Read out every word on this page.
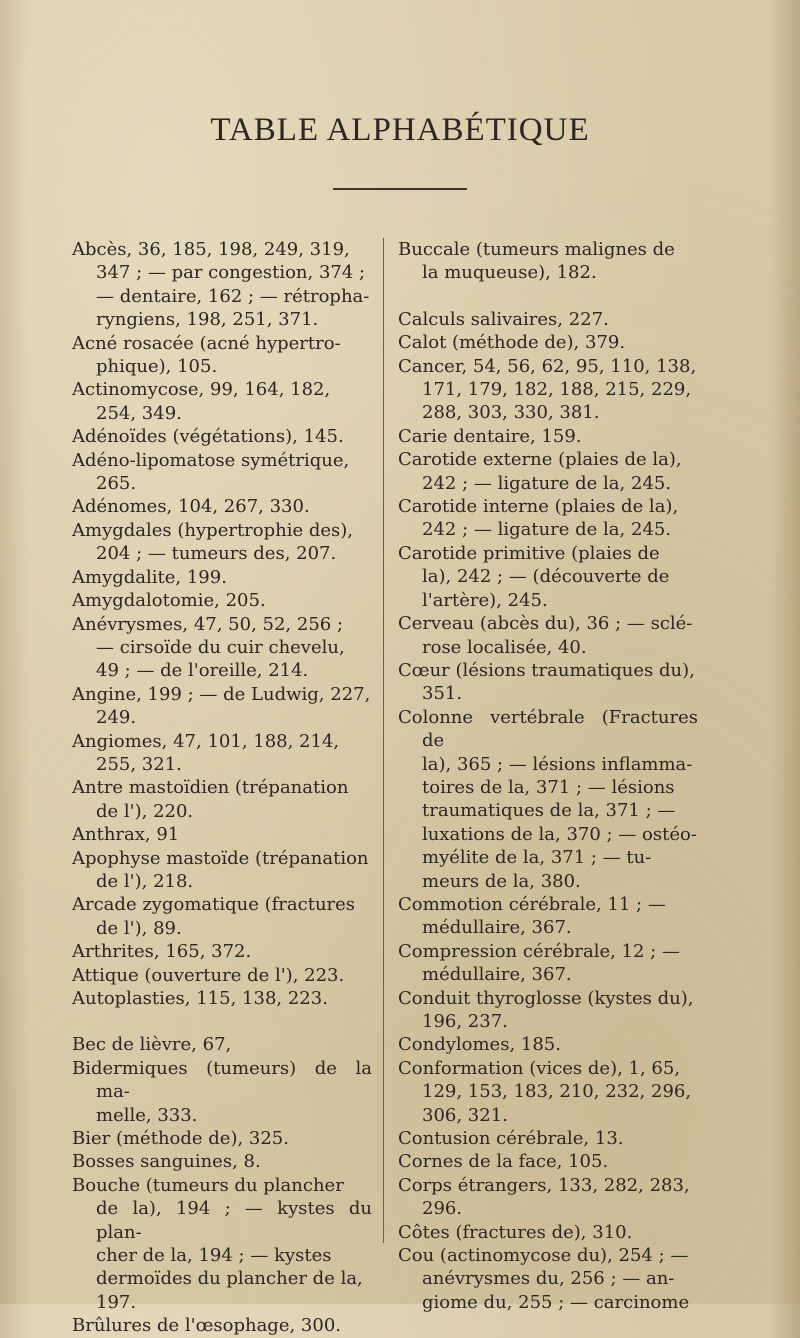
TABLE ALPHABÉTIQUE
Abcès, 36, 185, 198, 249, 319,
347 ; — par congestion, 374 ;
— dentaire, 162 ; — rétropha-
ryngiens, 198, 251, 371.
Acné rosacée (acné hypertro-
phique), 105.
Actinomycose, 99, 164, 182,
254, 349.
Adénoïdes (végétations), 145.
Adéno-lipomatose symétrique,
265.
Adénomes, 104, 267, 330.
Amygdales (hypertrophie des),
204 ; — tumeurs des, 207.
Amygdalite, 199.
Amygdalotomie, 205.
Anévrysmes, 47, 50, 52, 256 ;
— cirsoïde du cuir chevelu,
49 ; — de l'oreille, 214.
Angine, 199 ; — de Ludwig, 227,
249.
Angiomes, 47, 101, 188, 214,
255, 321.
Antre mastoïdien (trépanation
de l'), 220.
Anthrax, 91
Apophyse mastoïde (trépanation
de l'), 218.
Arcade zygomatique (fractures
de l'), 89.
Arthrites, 165, 372.
Attique (ouverture de l'), 223.
Autoplasties, 115, 138, 223.
Bec de lièvre, 67,
Bidermiques (tumeurs) de la ma-
melle, 333.
Bier (méthode de), 325.
Bosses sanguines, 8.
Bouche (tumeurs du plancher
de la), 194 ; — kystes du plan-
cher de la, 194 ; — kystes
dermoïdes du plancher de la,
197.
Brûlures de l'œsophage, 300.
Buccale (tumeurs malignes de
la muqueuse), 182.
Calculs salivaires, 227.
Calot (méthode de), 379.
Cancer, 54, 56, 62, 95, 110, 138,
171, 179, 182, 188, 215, 229,
288, 303, 330, 381.
Carie dentaire, 159.
Carotide externe (plaies de la),
242 ; — ligature de la, 245.
Carotide interne (plaies de la),
242 ; — ligature de la, 245.
Carotide primitive (plaies de
la), 242 ; — (découverte de
l'artère), 245.
Cerveau (abcès du), 36 ; — sclé-
rose localisée, 40.
Cœur (lésions traumatiques du),
351.
Colonne vertébrale (Fractures de
la), 365 ; — lésions inflamma-
toires de la, 371 ; — lésions
traumatiques de la, 371 ; —
luxations de la, 370 ; — ostéo-
myélite de la, 371 ; — tu-
meurs de la, 380.
Commotion cérébrale, 11 ; —
médullaire, 367.
Compression cérébrale, 12 ; —
médullaire, 367.
Conduit thyroglosse (kystes du),
196, 237.
Condylomes, 185.
Conformation (vices de), 1, 65,
129, 153, 183, 210, 232, 296,
306, 321.
Contusion cérébrale, 13.
Cornes de la face, 105.
Corps étrangers, 133, 282, 283,
296.
Côtes (fractures de), 310.
Cou (actinomycose du), 254 ; —
anévrysmes du, 256 ; — an-
giome du, 255 ; — carcinome
